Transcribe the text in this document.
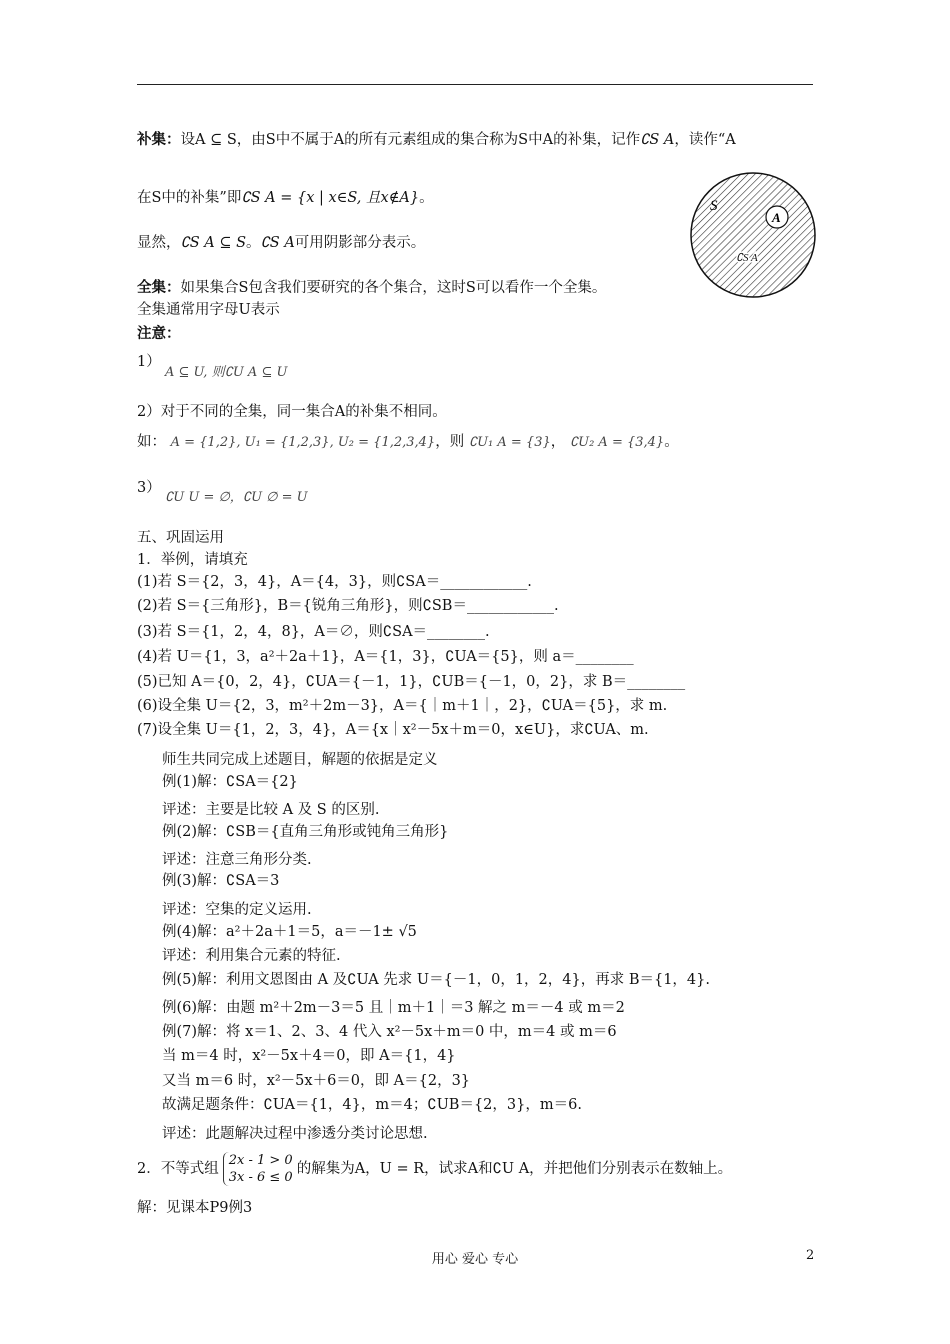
补集：设A ⊆ S，由S中不属于A的所有元素组成的集合称为S中A的补集，记作∁S A，读作“A
在S中的补集”即∁S A = {x | x∈S, 且x∉A}。
显然，∁S A ⊆ S。∁S A可用阴影部分表示。
S
A
∁S A
全集：如果集合S包含我们要研究的各个集合，这时S可以看作一个全集。
全集通常用字母U表示
注意：
1）
A ⊆ U, 则∁U A ⊆ U
2）对于不同的全集，同一集合A的补集不相同。
如： A = {1,2}, U₁ = {1,2,3}, U₂ = {1,2,3,4}，则 ∁U₁ A = {3}， ∁U₂ A = {3,4}。
3）
∁U U = ∅，∁U ∅ = U
五、巩固运用
1．举例，请填充
(1)若 S＝{2，3，4}，A＝{4，3}，则∁SA＝____________.
(2)若 S＝{三角形}，B＝{锐角三角形}，则∁SB＝____________.
(3)若 S＝{1，2，4，8}，A＝∅，则∁SA＝________.
(4)若 U＝{1，3，a²＋2a＋1}，A＝{1，3}，∁UA＝{5}，则 a＝________
(5)已知 A＝{0，2，4}，∁UA＝{－1，1}，∁UB＝{－1，0，2}，求 B＝________
(6)设全集 U＝{2，3，m²＋2m－3}，A＝{｜m＋1｜，2}，∁UA＝{5}，求 m.
(7)设全集 U＝{1，2，3，4}，A＝{x｜x²－5x＋m＝0，x∈U}，求∁UA、m.
师生共同完成上述题目，解题的依据是定义
例(1)解：∁SA＝{2}
评述：主要是比较 A 及 S 的区别.
例(2)解：∁SB＝{直角三角形或钝角三角形}
评述：注意三角形分类.
例(3)解：∁SA＝3
评述：空集的定义运用.
例(4)解：a²＋2a＋1＝5，a＝－1± √5
评述：利用集合元素的特征.
例(5)解：利用文恩图由 A 及∁UA 先求 U＝{－1，0，1，2，4}，再求 B＝{1，4}.
例(6)解：由题 m²＋2m－3＝5 且｜m＋1｜＝3 解之 m＝－4 或 m＝2
例(7)解：将 x＝1、2、3、4 代入 x²－5x＋m＝0 中，m＝4 或 m＝6
当 m＝4 时，x²－5x＋4＝0，即 A＝{1，4}
又当 m＝6 时，x²－5x＋6＝0，即 A＝{2，3}
故满足题条件：∁UA＝{1，4}，m＝4；∁UB＝{2，3}，m＝6.
评述：此题解决过程中渗透分类讨论思想.
2．不等式组2x - 1 > 0
3x - 6 ≤ 0的解集为A，U = R，试求A和∁U A，并把他们分别表示在数轴上。
解：见课本P9例3
用心 爱心 专心	2
